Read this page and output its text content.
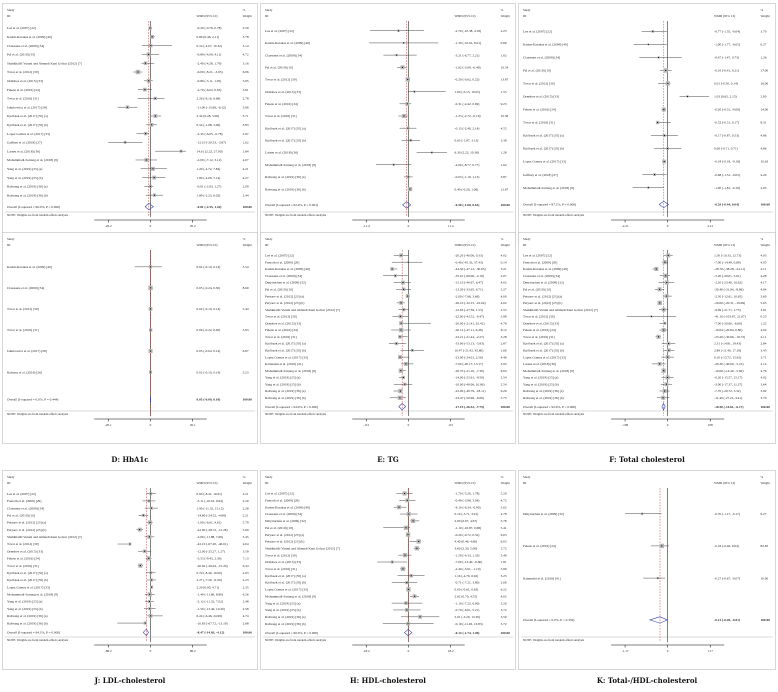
Study
ID	WMD (95% CI)
%
Weight
Lee et al. (2007) [22]	-0.20 (-0.76, 0.78)	2.59
Kasim-Karakas et al. (2009) [40]	0.80 (0.46, 2.11)	3.78
Claessens et al. (2009) [34]	0.14 (-4.07, 10.32)	3.14
Pal et al. (2010) [35]	-0.89 (-4.09, 4.11)	4.72
Shahkhalili Varuni and Ahmadi Kani Golzar (2012) [7]	-2.40 (-4.28, 1.79)	3.16
Tovar et al. (2012) [30]	-6.00 (-8.21, -3.93)	6.06
Ormsbee et al. (2015) [33]	-0.86 (-3.11, 1.05)	3.95
Fekete et al. (2016) [24]	-2.70 (-6.02, 0.63)	3.61
Tovar et al. (2016) [31]	2.26 (-6.16, 6.68)	2.78
Jakubowicz et al. (2017) [28]	-11.00 (-15.68, -6.32)	3.06
Kjolbaek et al. (2017) [35] (a)	2.34 (0.28, 5.06)	3.71
Kjolbaek et al. (2017) [35] (b)	0.54 (-1.98, 3.06)	3.83
Lopez Gomez et al. (2017) [33]	-2.35 (-6.65, -0.78)	2.97
Gaffney et al. (2018) [27]	-12.10 (-20.33, -3.87)	1.62
Larsen et al. (2018) [36]	14.61 (2.22, 27.00)	1.84
Mohammadi-Sartang et al. (2018) [9]	-2.00 (-7.12, 3.12)	4.07
Yang et al. (2019) [25] (a)	1.20 (-4.72, 7.84)	4.21
Yang et al. (2019) [25] (b)	1.80 (-4.00, 7.14)	4.27
Rahvang et al. (2019) [36] (a)	-0.01 (-2.93, 1.27)	2.09
Rahvang et al. (2019) [36] (b)	1.89 (-2.23, 6.02)	2.44
Overall (I-squared = 96.0%, P = 0.000)	-0.81 (-2.55, 1.42)	100.00
NOTE: Weights are from random effects analysis
-20.2	0	20.2
Study
ID	WMD (95% CI)
%
Weight
Lee et al. (2007) [22]	-2.70 (-10.38, 4.18)	2.23
Kasim-Karakas et al. (2009) [40]	-1.30 (-10.61, 8.01)	0.66
Claessens et al. (2009) [34]	-3.21 (-6.77, 2.21)	1.62
Pal et al. (2010) [10]	-1.62 (-3.09, -0.49)	10.54
Tovar et al. (2012) [30]	-0.20 (-0.62, 0.22)	13.87
Ormsbee et al. (2015) [33]	1.60 (-0.15, 10.05)	1.55
Fekete et al. (2016) [24]	-0.31 (-2.42, 0.69)	9.23
Tovar et al. (2016) [31]	-1.23 (-2.72, -0.16)	10.56
Kjolbaek et al. (2017) [35] (a)	-0.13 (-2.40, 2.14)	4.55
Kjolbaek et al. (2017) [35] (b)	0.63 (-1.87, 3.13)	3.39
Larsen et al. (2018) [36]	6.30 (2.22, 10.38)	1.28
Mohammadi-Sartang et al. (2018) [9]	-4.00 (-8.77, 0.77)	1.62
Rahvang et al. (2019) [36] (a)	-0.03 (-1.19, 1.13)	3.87
Rahvang et al. (2019) [36] (b)	0.40 (-0.26, 1.06)	12.67
Overall (I-squared = 62.9%, P = 0.001)	-0.50 (-1.60, 0.61)	100.00
NOTE: Weights are from random effects analysis
-11.4	0	11.4
Study
ID	WMD (95% CI)
%
Weight
Lee et al. (2007) [22]	-0.77 (-1.35, -0.04)	3.70
Kasim-Karakas et al. (2009) [40]	-1.00 (-1.77, -0.05)	0.27
Claessens et al. (2009) [34]	-0.47 (-1.47, 0.73)	1.26
Pal et al. (2010) [10]	-0.10 (-0.41, 0.21)	17.00
Tovar et al. (2012) [30]	0.01 (-0.50, 0.14)	16.00
Ormsbee et al. (2015) [33]	1.03 (0.62, 2.15)	2.00
Fekete et al. (2016) [24]	-0.20 (-0.31, -0.09)	14.00
Tovar et al. (2016) [31]	-0.52 (-0.51, 0.17)	8.31
Kjolbaek et al. (2017) [35] (a)	-0.17 (-0.87, 0.53)	4.86
Kjolbaek et al. (2017) [35] (b)	0.00 (-0.71, 0.71)	4.86
Lopez Gomez et al. (2017) [33]	-0.18 (-0.18, -0.18)	10.63
Gaffney et al. (2018) [27]	-0.68 (-1.31, -0.05)	4.20
Mohammadi-Sartang et al. (2018) [9]	-1.00 (-1.81, -0.19)	2.03
Overall (I-squared = 87.2%, P = 0.000)	-0.20 (-0.44, 0.04)	100.00
NOTE: Weights are from random effects analysis
-2.21	0	2.21
Study
ID	WMD (95% CI)
%
Weight
Kasim-Karakas et al. (2009) [40]	0.02 (-0.10, 0.14)	3.54
Claessens et al. (2009) [34]	0.03 (-0.24, 0.30)	8.69
Tovar et al. (2012) [30]	0.02 (-0.10, 0.14)	5.44
Tovar et al. (2016) [31]	0.09 (-0.22, 0.40)	3.93
Jakubowicz et al. (2017) [28]	0.05 (-0.04, 0.14)	6.97
Rabassa et al. (2016) [26]	0.02 (-0.10, 0.14)	3.23
Overall (I-squared = 0.0%, P = 0.444)	0.05 (-0.09, 0.10)	100.00
NOTE: Weights are from random effects analysis
-20.1	0	20.1
D: HbA1c
Study
ID	WMD (95% CI)
%
Weight
Lee et al. (2007) [22]	-20.20 (-40.06, 0.33)	4.02
Frenoth et al. (2009) [29]	-0.40 (-45.33, 37.43)	0.14
Kasim-Karakas et al. (2009) [40]	-44.50 (-47.12, -30.63)	3.21
Claessens et al. (2009) [34]	-35.61 (-69.06, -2.19)	2.07
Dmytruchen et al. (2009) [32]	-15.10 (-40.67, 6.47)	4.02
Pal et al. (2010) [10]	-13.29 (-33.65, 6.71)	3.27
Petyaev et al. (2012) [23] (a)	-2.00 (-7.66, 3.66)	4.00
Petyaev et al. (2012) [23] (b)	-20.10 (-32.15, -10.04)	4.02
Shahkhalili Varuni and Ahmadi Kani Golzar (2012) [7]	-12.93 (-27.39, 1.53)	2.55
Tovar et al. (2012) [30]	-22.00 (-43.52, -0.47)	3.99
Ormsbee et al. (2015) [33]	-20.00 (-21.41, 61.41)	4.76
Fekete et al. (2016) [24]	-20.12 (-47.11, 6.46)	6.12
Tovar et al. (2016) [31]	-23.21 (-21.44, -2.27)	3.28
Kjolbaek et al. (2017) [35] (a)	-33.00 (-53.13, -5.83)	2.87
Kjolbaek et al. (2017) [35] (b)	10.47 (-21.42, 42.60)	1.66
Lopez Gomez et al. (2017) [33]	-23.00 (-24.01, 2.56)	4.46
Kamenski et al. (2016) [41]	-7.00 (-20.17, 13.17)	3.95
Mohammadi-Sartang et al. (2018) [9]	-20.70 (-21.10, -7.30)	6.04
Yang et al. (2019) [25] (a)	-14.00 (-25.61, -9.50)	2.54
Yang et al. (2019) [25] (b)	-10.00 (-40.06, 10.06)	2.54
Rahvang et al. (2019) [36] (a)	-22.00 (-40.79, -18.11)	6.29
Rahvang et al. (2019) [36] (b)	-23.47 (-50.96, -6.66)	5.75
Overall (I-squared = 94.0%, P = 0.000)	-17.19 (-26.52, -7.75)	100.00
NOTE: Weights are from random effects analysis
-115	0	115
E: TG
Study
ID	WMD (95% CI)
%
Weight
Lee et al. (2007) [22]	1.50 (-10.33, 12.73)	4.03
Frenoth et al. (2009) [29]	-7.00 (-14.49, 0.69)	4.05
Kasim-Karakas et al. (2009) [40]	-28.70 (-38.28, -24.11)	4.11
Claessens et al. (2009) [34]	-5.20 (-20.01, 5.61)	4.28
Dmytruchen et al. (2009) [32]	-2.20 (-23.40, 16.62)	4.17
Pal et al. (2010) [10]	-20.40 (-31.94, -8.86)	4.04
Petyaev et al. (2012) [23] (a)	-2.50 (-12.61, 10.65)	3.60
Petyaev et al. (2012) [23] (b)	-20.00 (-20.31, -19.69)	5.03
Shahkhalili Varuni and Ahmadi Kani Golzar (2012) [7]	-9.99 (-21.71, 1.73)	3.61
Tovar et al. (2012) [30]	-41.10 (-103.67, 21.67)	0.25
Ormsbee et al. (2015) [33]	-7.00 (-20.60, -6.60)	1.22
Fekete et al. (2016) [24]	-10.04 (-20.84, 0.80)	4.02
Tovar et al. (2016) [31]	-23.20 (-30.66, -16.72)	4.11
Kjolbaek et al. (2017) [35] (a)	2.31 (-14.81, 19.43)	2.84
Kjolbaek et al. (2017) [35] (b)	2.89 (-11.40, 17.18)	3.45
Lopez Gomez et al. (2017) [33]	0.10 (-15.72, 15.92)	3.71
Larsen et al. (2018) [36]	-20.30 (-40.00, -5.10)	3.14
Mohammadi-Sartang et al. (2018) [9]	-10.00 (-14.40, -5.60)	4.76
Yang et al. (2019) [25] (a)	-0.20 (-15.57, 15.17)	4.02
Yang et al. (2019) [25] (b)	-3.00 (-17.37, 11.37)	3.64
Rahvang et al. (2019) [36] (a)	-7.70 (-20.72, 5.32)	3.92
Rahvang et al. (2019) [36] (b)	-11.40 (-27.21, 4.41)	3.70
Overall (I-squared = 92.9%, P = 0.000)	-10.50 (-14.61, -6.17)	100.00
NOTE: Weights are from random effects analysis
-108	0	108
F: Total cholesterol
Study
ID	WMD (95% CI)
%
Weight
Lee et al. (2007) [22]	0.60 (-8.41, 10.61)	2.21
Frenoth et al. (2009) [29]	-3.11 (-16.16, 9.94)	2.29
Claessens et al. (2009) [34]	1.90 (-11.32, 15.12)	2.28
Pal et al. (2010) [10]	-14.60 (-24.52, -4.68)	2.21
Petyaev et al. (2012) [23] (a)	-1.00 (-6.61, 4.61)	5.79
Petyaev et al. (2012) [23] (b)	-22.00 (-28.72, -15.28)	5.09
Shahkhalili Varuni and Ahmadi Kani Golzar (2012) [7]	-2.09 (-11.88, 7.69)	5.45
Tovar et al. (2012) [30]	-42.10 (-67.20, -46.01)	2.04
Ormsbee et al. (2015) [33]	-12.00 (-25.27, 1.27)	3.59
Fekete et al. (2016) [24]	-3.53 (-9.45, 2.39)	7.13
Tovar et al. (2016) [31]	-20.62 (-26.04, -15.20)	6.34
Kjolbaek et al. (2017) [35] (a)	0.70 (-8.40, 10.00)	2.03
Kjolbaek et al. (2017) [35] (b)	2.27 (-7.20, 11.00)	2.23
Lopez Gomez et al. (2017) [33]	2.20 (0.00, 4.71)	2.35
Mohammadi-Sartang et al. (2018) [9]	-1.40 (-11.60, 8.80)	6.26
Yang et al. (2019) [25] (a)	-2.12 (-11.32, 7.02)	2.48
Yang et al. (2019) [25] (b)	-1.50 (-13.40, 10.40)	2.58
Rahvang et al. (2019) [36] (a)	0.24 (-6.46, 24.99)	4.74
Rahvang et al. (2019) [36] (b)	-10.83 (-67.72, -13.19)	2.68
Overall (I-squared = 94.3%, P = 0.000)	-8.47 (-14.83, -4.12)	100.00
NOTE: Weights are from random effects analysis
-86.2	0	86.2
J: LDL-cholesterol
Study
ID	WMD (95% CI)
%
Weight
Lee et al. (2007) [22]	-1.70 (-5.20, 1.78)	5.20
Frenoth et al. (2009) [29]	-0.49 (-3.98, 3.04)	4.72
Kasim-Karakas et al. (2009) [40]	-4.10 (-6.34, -0.90)	5.02
Claessens et al. (2009) [34]	0.10 (-3.71, 3.91)	4.78
Dmytruchen et al. (2009) [32]	2.00 (0.67, 4.67)	5.78
Pal et al. (2010) [10]	-1.10 (-10.87, 0.68)	5.41
Petyaev et al. (2012) [23] (a)	-0.20 (-0.72, 0.32)	6.03
Petyaev et al. (2012) [23] (b)	4.40 (0.46, 4.60)	6.03
Shahkhalili Varuni and Ahmadi Kani Golzar (2012) [7]	3.60 (2.30, 5.00)	5.72
Tovar et al. (2012) [30]	-1.50 (-4.33, 1.33)	5.49
Ormsbee et al. (2015) [33]	-7.00 (-13.40, -0.60)	1.81
Tovar et al. (2016) [31]	-2.40 (-3.61, -1.19)	5.99
Kjolbaek et al. (2017) [35] (a)	1.16 (-4.70, 6.92)	3.23
Kjolbaek et al. (2017) [35] (b)	-0.71 (-7.21, 3.80)	2.60
Lopez Gomez et al. (2017) [33]	0.00 (-0.61, 0.63)	6.22
Mohammadi-Sartang et al. (2018) [9]	2.62 (0.70, 4.55)	4.02
Yang et al. (2019) [25] (a)	-1.10 (-7.22, 6.00)	3.20
Yang et al. (2019) [25] (b)	-0.70 (-6.61, 5.21)	3.72
Rahvang et al. (2019) [36] (a)	5.01 (-3.20, 13.30)	3.50
Rahvang et al. (2019) [36] (b)	-0.19 (-11.02, 10.83)	3.72
Overall (I-squared = 96.9%, P = 0.000)	-0.12 (-1.74, 1.49)	100.00
NOTE: Weights are from random effects analysis
-18.2	0	18.2
H: HDL-cholesterol
Study
ID	WMD (95% CI)
%
Weight
Dmytruchen et al. (2009) [32]	-0.70 (-1.17, -0.17)	9.27
Fekete et al. (2016) [24]	-0.16 (-0.46, 0.04)	82.65
Kamenski et al. (2016) [41]	-0.27 (-0.67, -0.07)	10.00
Overall (I-squared = 0.0%, P = 0.350)	-0.21 (-0.49, -0.01)	100.00
NOTE: Weights are from random effects analysis
-1.17	0	1.17
K: Total-/HDL-cholesterol
